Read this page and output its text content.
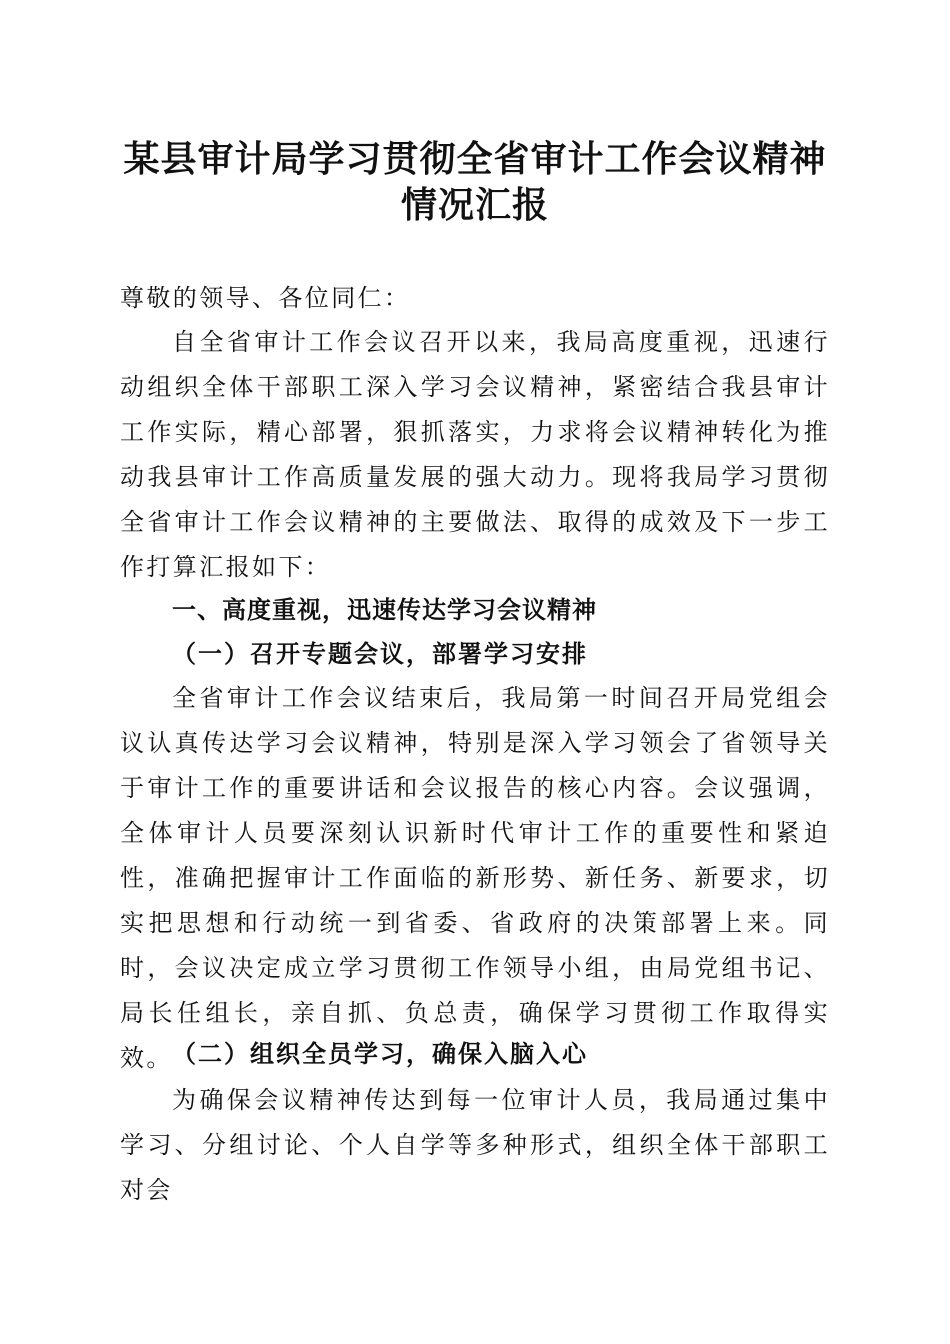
某县审计局学习贯彻全省审计工作会议精神情况汇报

尊敬的领导、各位同仁：

自全省审计工作会议召开以来，我局高度重视，迅速行动组织全体干部职工深入学习会议精神，紧密结合我县审计工作实际，精心部署，狠抓落实，力求将会议精神转化为推动我县审计工作高质量发展的强大动力。现将我局学习贯彻全省审计工作会议精神的主要做法、取得的成效及下一步工作打算汇报如下：

一、高度重视，迅速传达学习会议精神
（一）召开专题会议，部署学习安排

全省审计工作会议结束后，我局第一时间召开局党组会议认真传达学习会议精神，特别是深入学习领会了省领导关于审计工作的重要讲话和会议报告的核心内容。会议强调，全体审计人员要深刻认识新时代审计工作的重要性和紧迫性，准确把握审计工作面临的新形势、新任务、新要求，切实把思想和行动统一到省委、省政府的决策部署上来。同时，会议决定成立学习贯彻工作领导小组，由局党组书记、局长任组长，亲自抓、负总责，确保学习贯彻工作取得实效。 （二）组织全员学习，确保入脑入心

为确保会议精神传达到每一位审计人员，我局通过集中学习、分组讨论、个人自学等多种形式，组织全体干部职工对会
